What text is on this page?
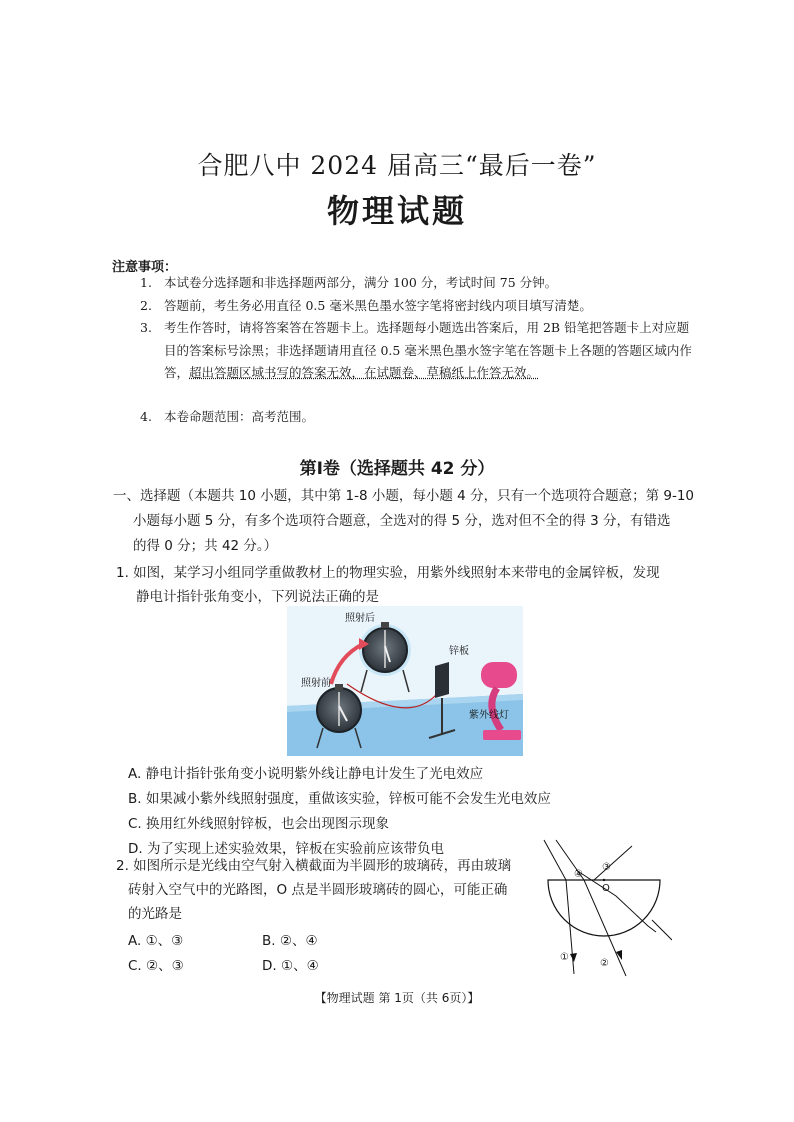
合肥八中 2024 届高三“最后一卷”
物理试题
注意事项：
1. 本试卷分选择题和非选择题两部分，满分 100 分，考试时间 75 分钟。
2. 答题前，考生务必用直径 0.5 毫米黑色墨水签字笔将密封线内项目填写清楚。
3. 考生作答时，请将答案答在答题卡上。选择题每小题选出答案后，用 2B 铅笔把答题卡上对应题目的答案标号涂黑；非选择题请用直径 0.5 毫米黑色墨水签字笔在答题卡上各题的答题区域内作答，超出答题区域书写的答案无效，在试题卷、草稿纸上作答无效。
4. 本卷命题范围：高考范围。
第Ⅰ卷（选择题共 42 分）
一、选择题（本题共 10 小题，其中第 1-8 小题，每小题 4 分，只有一个选项符合题意；第 9-10
小题每小题 5 分，有多个选项符合题意，全选对的得 5 分，选对但不全的得 3 分，有错选
的得 0 分；共 42 分。）
1. 如图，某学习小组同学重做教材上的物理实验，用紫外线照射本来带电的金属锌板，发现
静电计指针张角变小，下列说法正确的是
照射后
照射前
锌板
紫外线灯
A. 静电计指针张角变小说明紫外线让静电计发生了光电效应
B. 如果减小紫外线照射强度，重做该实验，锌板可能不会发生光电效应
C. 换用红外线照射锌板，也会出现图示现象
D. 为了实现上述实验效果，锌板在实验前应该带负电
2. 如图所示是光线由空气射入横截面为半圆形的玻璃砖，再由玻璃
砖射入空气中的光路图，O 点是半圆形玻璃砖的圆心，可能正确
的光路是
A. ①、③	B. ②、④
C. ②、③	D. ①、④
O
①
②
③
④
【物理试题 第 1页（共 6页）】
